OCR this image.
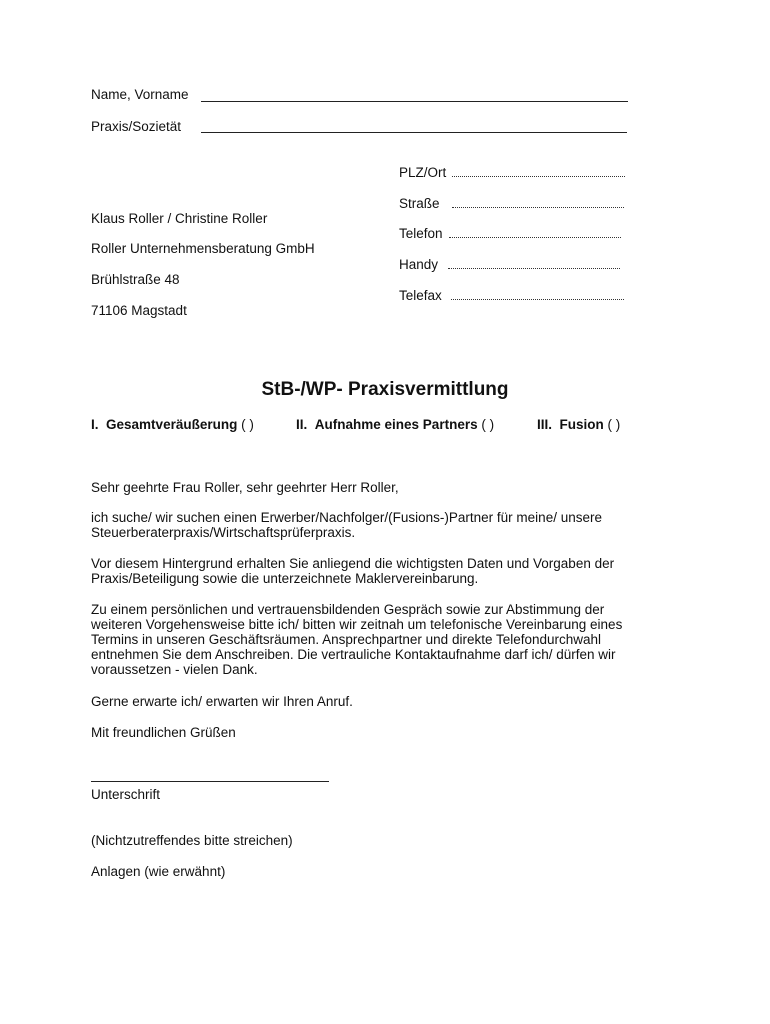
Name, Vorname
Praxis/Sozietät
PLZ/Ort
Straße
Telefon
Handy
Telefax
Klaus Roller / Christine Roller
Roller Unternehmensberatung GmbH
Brühlstraße 48
71106 Magstadt
StB-/WP- Praxisvermittlung
I. Gesamtveräußerung ( )	II. Aufnahme eines Partners ( )	III. Fusion ( )
Sehr geehrte Frau Roller, sehr geehrter Herr Roller,
ich suche/ wir suchen einen Erwerber/Nachfolger/(Fusions-)Partner für meine/ unsere Steuerberaterpraxis/Wirtschaftsprüferpraxis.
Vor diesem Hintergrund erhalten Sie anliegend die wichtigsten Daten und Vorgaben der Praxis/Beteiligung sowie die unterzeichnete Maklervereinbarung.
Zu einem persönlichen und vertrauensbildenden Gespräch sowie zur Abstimmung der weiteren Vorgehensweise bitte ich/ bitten wir zeitnah um telefonische Vereinbarung eines Termins in unseren Geschäftsräumen. Ansprechpartner und direkte Telefondurchwahl entnehmen Sie dem Anschreiben. Die vertrauliche Kontaktaufnahme darf ich/ dürfen wir voraussetzen - vielen Dank.
Gerne erwarte ich/ erwarten wir Ihren Anruf.
Mit freundlichen Grüßen
Unterschrift
(Nichtzutreffendes bitte streichen)
Anlagen (wie erwähnt)
